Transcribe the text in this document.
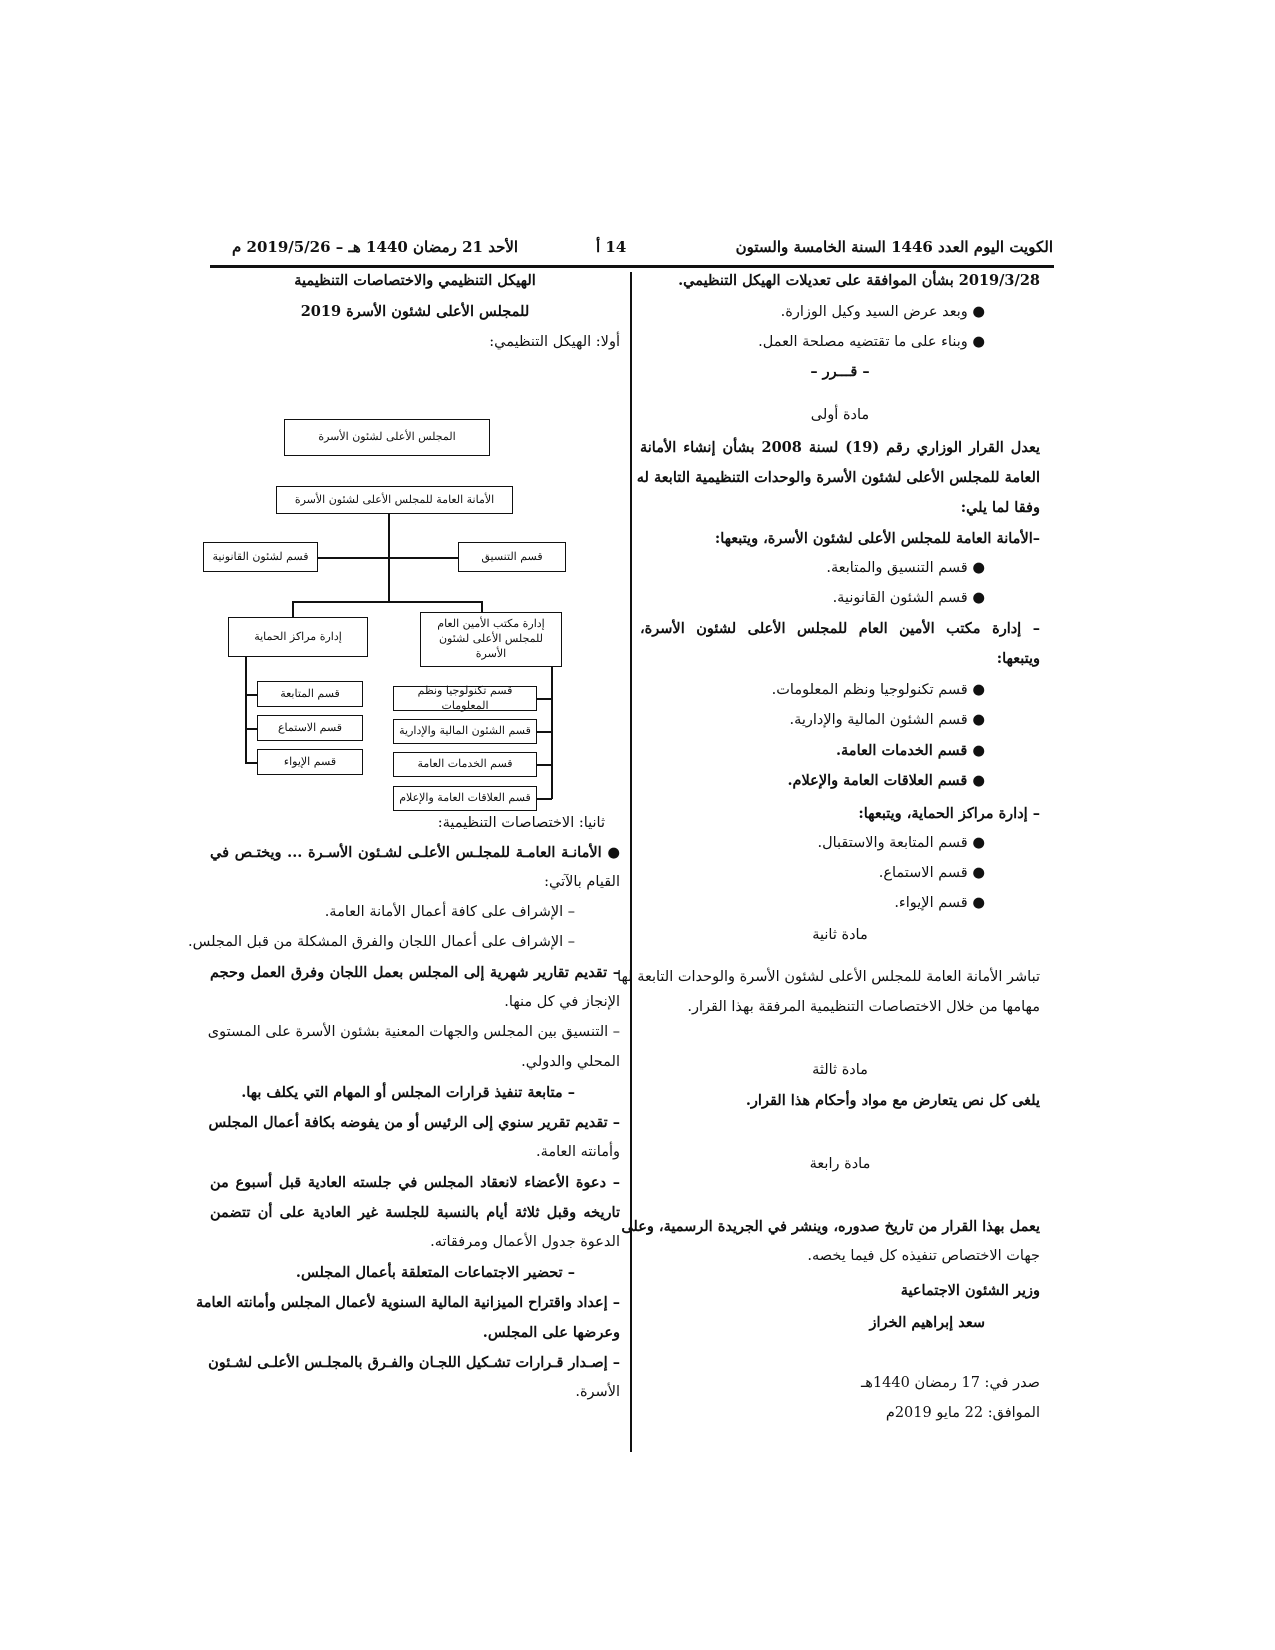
الكويت اليوم العدد 1446 السنة الخامسة والستون
14 أ
الأحد 21 رمضان 1440 هـ – 2019/5/26 م
2019/3/28 بشأن الموافقة على تعديلات الهيكل التنظيمي.
● وبعد عرض السيد وكيل الوزارة.
● وبناء على ما تقتضيه مصلحة العمل.
– قـــرر –
مادة أولى
يعدل القرار الوزاري رقم (19) لسنة 2008 بشأن إنشاء الأمانة
العامة للمجلس الأعلى لشئون الأسرة والوحدات التنظيمية التابعة له
وفقا لما يلي:
–الأمانة العامة للمجلس الأعلى لشئون الأسرة، ويتبعها:
● قسم التنسيق والمتابعة.
● قسم الشئون القانونية.
– إدارة مكتب الأمين العام للمجلس الأعلى لشئون الأسرة،
ويتبعها:
● قسم تكنولوجيا ونظم المعلومات.
● قسم الشئون المالية والإدارية.
● قسم الخدمات العامة.
● قسم العلاقات العامة والإعلام.
– إدارة مراكز الحماية، ويتبعها:
● قسم المتابعة والاستقبال.
● قسم الاستماع.
● قسم الإيواء.
مادة ثانية
تباشر الأمانة العامة للمجلس الأعلى لشئون الأسرة والوحدات التابعة لها
مهامها من خلال الاختصاصات التنظيمية المرفقة بهذا القرار.
مادة ثالثة
يلغى كل نص يتعارض مع مواد وأحكام هذا القرار.
مادة رابعة
يعمل بهذا القرار من تاريخ صدوره، وينشر في الجريدة الرسمية، وعلى
جهات الاختصاص تنفيذه كل فيما يخصه.
وزير الشئون الاجتماعية
سعد إبراهيم الخراز
صدر في: 17 رمضان 1440هـ
الموافق: 22 مايو 2019م
الهيكل التنظيمي والاختصاصات التنظيمية
للمجلس الأعلى لشئون الأسرة 2019
أولا: الهيكل التنظيمي:
ثانيا: الاختصاصات التنظيمية:
● الأمانـة العامـة للمجلـس الأعلـى لشـئون الأسـرة ... ويختـص في
القيام بالآتي:
– الإشراف على كافة أعمال الأمانة العامة.
– الإشراف على أعمال اللجان والفرق المشكلة من قبل المجلس.
– تقديم تقارير شهرية إلى المجلس بعمل اللجان وفرق العمل وحجم
الإنجاز في كل منها.
– التنسيق بين المجلس والجهات المعنية بشئون الأسرة على المستوى
المحلي والدولي.
– متابعة تنفيذ قرارات المجلس أو المهام التي يكلف بها.
– تقديم تقرير سنوي إلى الرئيس أو من يفوضه بكافة أعمال المجلس
وأمانته العامة.
– دعوة الأعضاء لانعقاد المجلس في جلسته العادية قبل أسبوع من
تاريخه وقبل ثلاثة أيام بالنسبة للجلسة غير العادية على أن تتضمن
الدعوة جدول الأعمال ومرفقاته.
– تحضير الاجتماعات المتعلقة بأعمال المجلس.
– إعداد واقتراح الميزانية المالية السنوية لأعمال المجلس وأمانته العامة
وعرضها على المجلس.
– إصـدار قـرارات تشـكيل اللجـان والفـرق بالمجلـس الأعلـى لشـئون
الأسرة.
المجلس الأعلى لشئون الأسرة
الأمانة العامة للمجلس الأعلى لشئون الأسرة
قسم لشئون القانونية	قسم التنسيق
إدارة مراكز الحماية
إدارة مكتب الأمين العام للمجلس الأعلى لشئون الأسرة
قسم المتابعة
قسم الاستماع
قسم الإيواء
قسم تكنولوجيا ونظم المعلومات
قسم الشئون المالية والإدارية
قسم الخدمات العامة
قسم العلاقات العامة والإعلام
